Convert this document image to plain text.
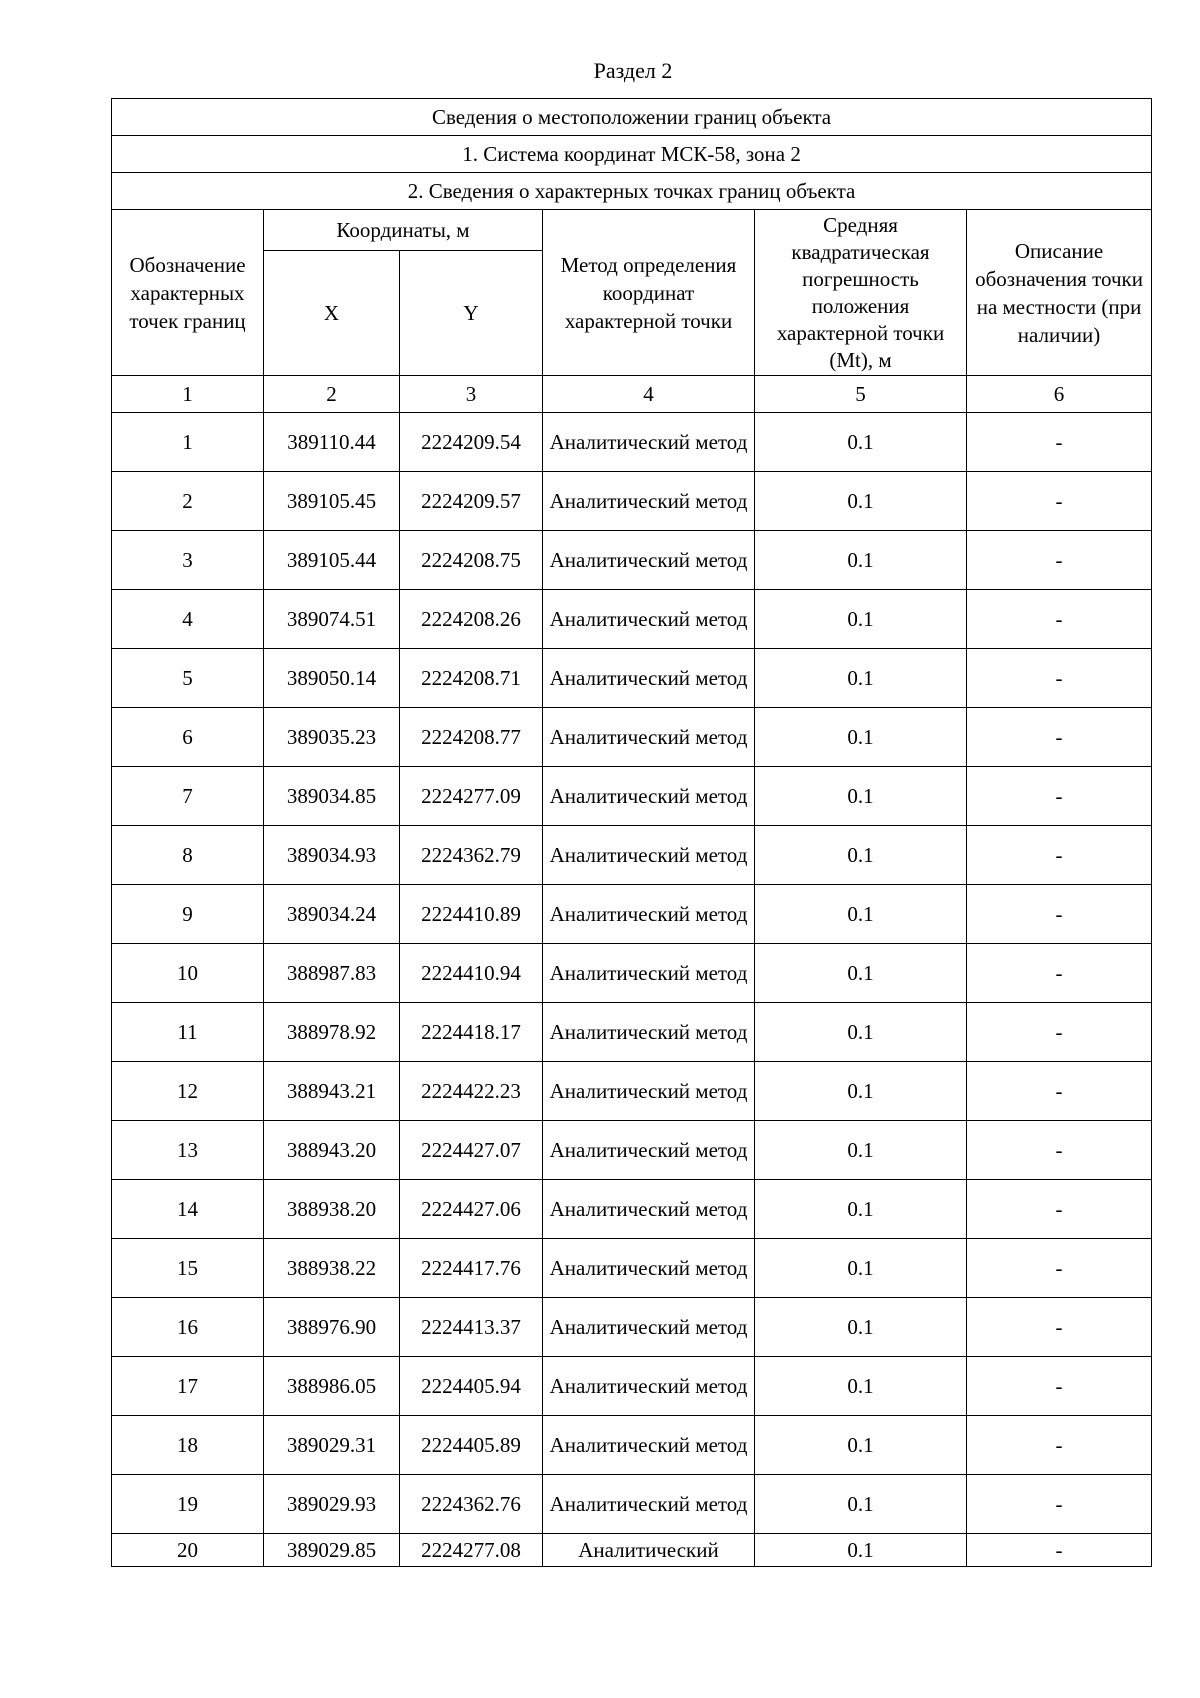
Раздел 2
Сведения о местоположении границ объекта					
1. Система координат МСК-58, зона 2					
2. Сведения о характерных точках границ объекта					
Обозначение характерных точек границ	Координаты, м		Метод определения координат характерной точки	Средняя квадратическая погрешность положения характерной точки (Mt), м	Описание обозначения точки на местности (при наличии)
	X	Y			
1	2	3	4	5	6
1	389110.44	2224209.54	Аналитический метод	0.1	-
2	389105.45	2224209.57	Аналитический метод	0.1	-
3	389105.44	2224208.75	Аналитический метод	0.1	-
4	389074.51	2224208.26	Аналитический метод	0.1	-
5	389050.14	2224208.71	Аналитический метод	0.1	-
6	389035.23	2224208.77	Аналитический метод	0.1	-
7	389034.85	2224277.09	Аналитический метод	0.1	-
8	389034.93	2224362.79	Аналитический метод	0.1	-
9	389034.24	2224410.89	Аналитический метод	0.1	-
10	388987.83	2224410.94	Аналитический метод	0.1	-
11	388978.92	2224418.17	Аналитический метод	0.1	-
12	388943.21	2224422.23	Аналитический метод	0.1	-
13	388943.20	2224427.07	Аналитический метод	0.1	-
14	388938.20	2224427.06	Аналитический метод	0.1	-
15	388938.22	2224417.76	Аналитический метод	0.1	-
16	388976.90	2224413.37	Аналитический метод	0.1	-
17	388986.05	2224405.94	Аналитический метод	0.1	-
18	389029.31	2224405.89	Аналитический метод	0.1	-
19	389029.93	2224362.76	Аналитический метод	0.1	-
20	389029.85	2224277.08	Аналитический	0.1	-
